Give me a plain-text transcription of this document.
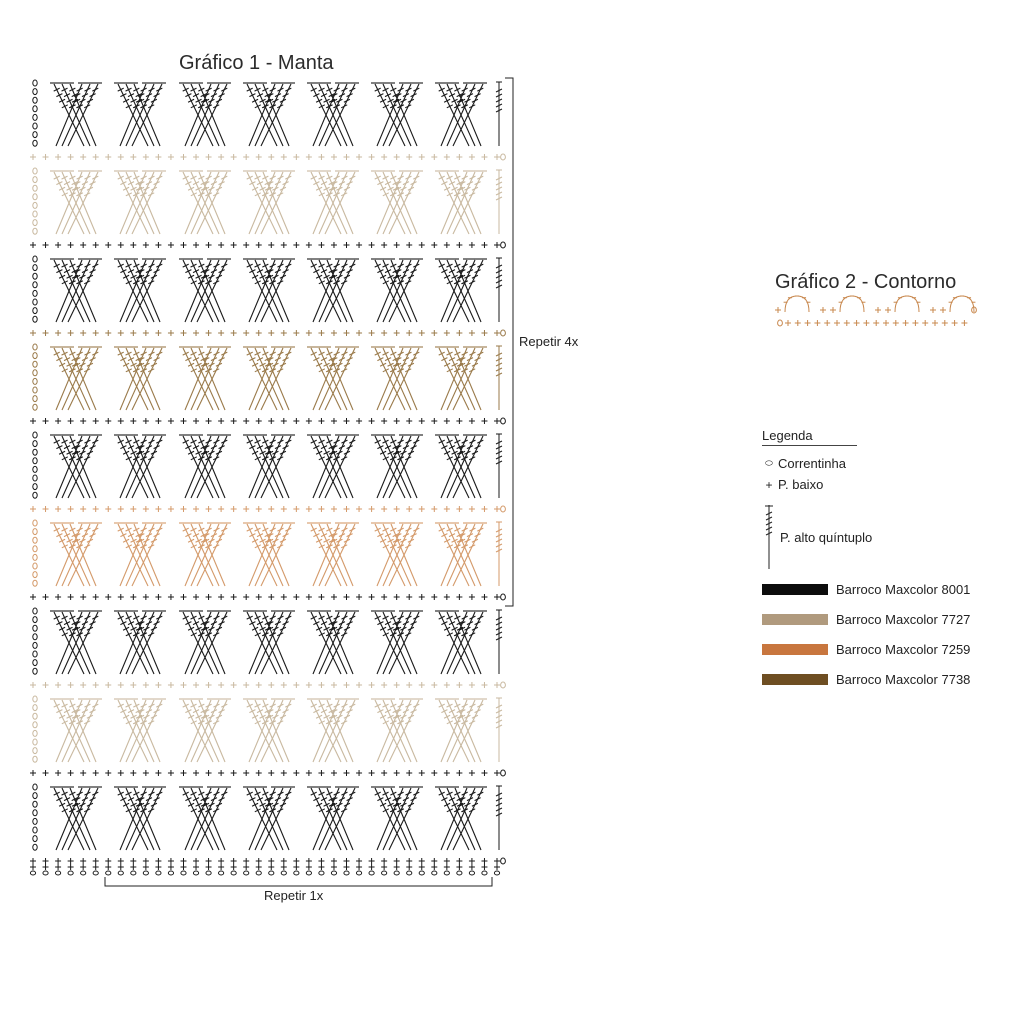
Gráfico 1 - Manta
Repetir 4x
Repetir 1x
Gráfico 2 - Contorno
Legenda
⬭ Correntinha
+ P. baixo
P. alto quíntuplo
Barroco Maxcolor 8001
Barroco Maxcolor 7727
Barroco Maxcolor 7259
Barroco Maxcolor 7738
